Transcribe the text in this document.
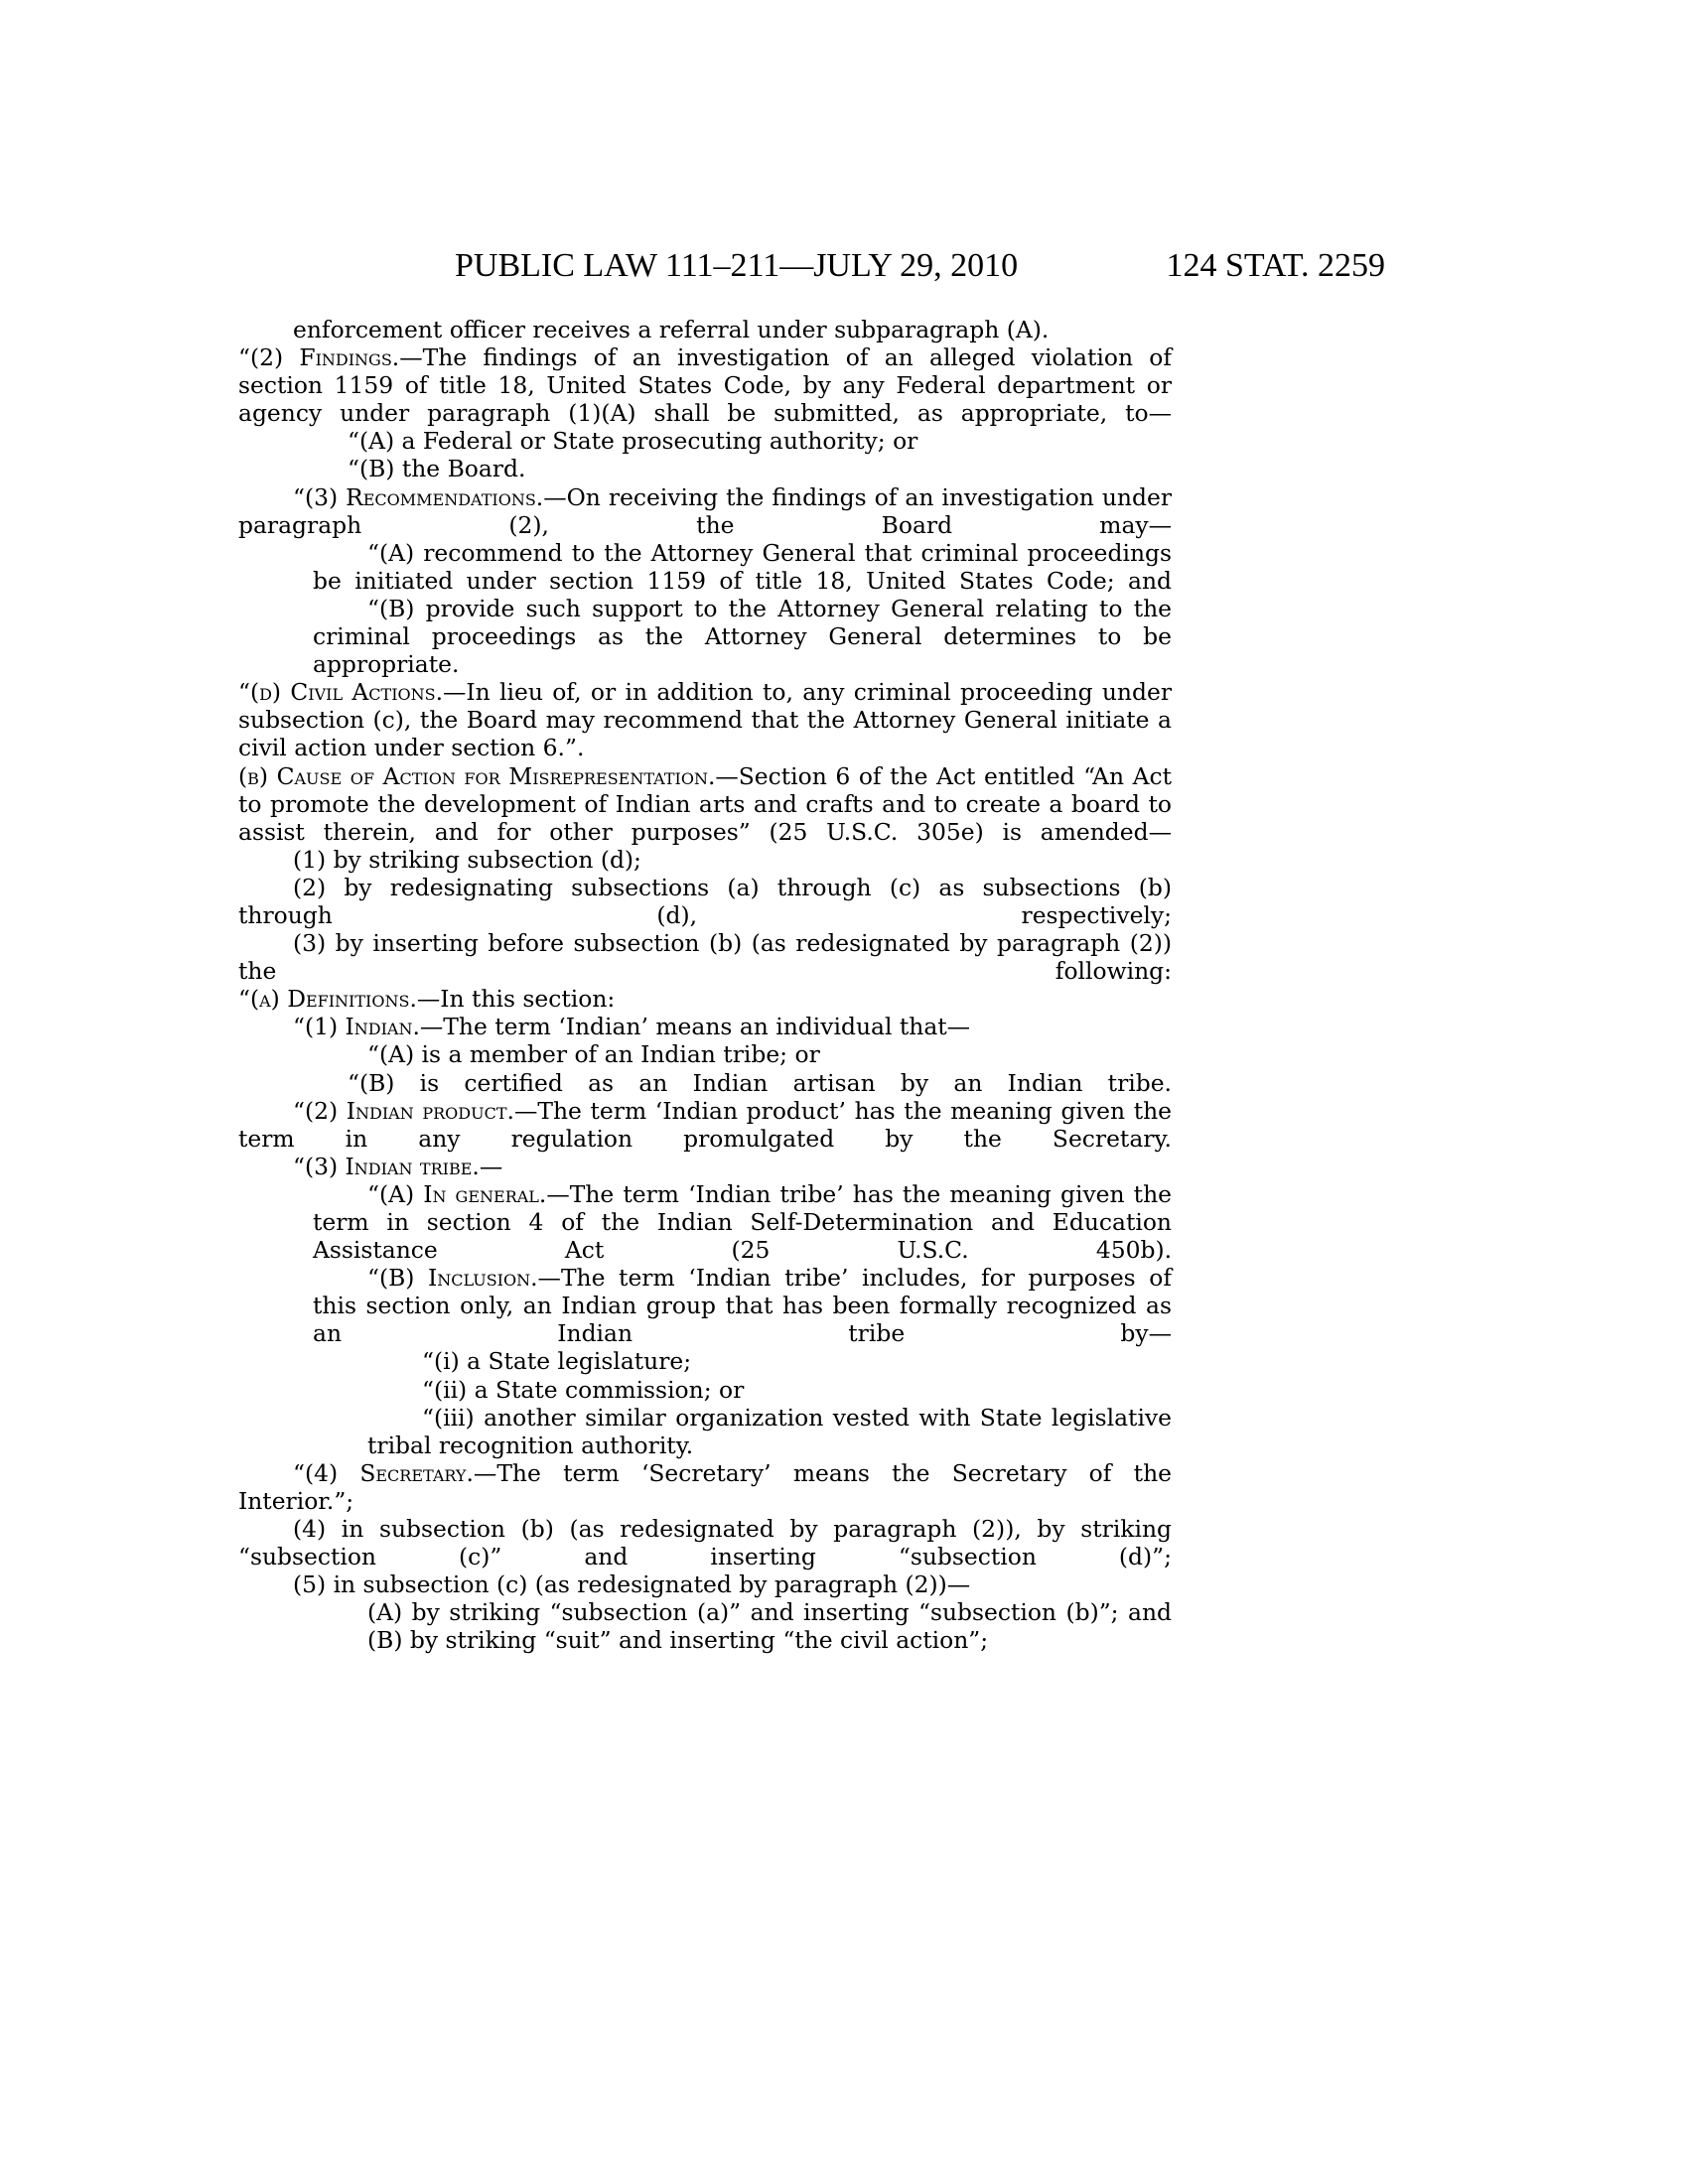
PUBLIC LAW 111–211—JULY 29, 2010	124 STAT. 2259
enforcement officer receives a referral under subparagraph (A).
“(2) Findings.—The findings of an investigation of an alleged violation of section 1159 of title 18, United States Code, by any Federal department or agency under paragraph (1)(A) shall be submitted, as appropriate, to—
“(A) a Federal or State prosecuting authority; or
“(B) the Board.
“(3) Recommendations.—On receiving the findings of an investigation under paragraph (2), the Board may—
“(A) recommend to the Attorney General that criminal proceedings be initiated under section 1159 of title 18, United States Code; and
“(B) provide such support to the Attorney General relating to the criminal proceedings as the Attorney General determines to be appropriate.
“(d) Civil Actions.—In lieu of, or in addition to, any criminal proceeding under subsection (c), the Board may recommend that the Attorney General initiate a civil action under section 6.”.
(b) Cause of Action for Misrepresentation.—Section 6 of the Act entitled “An Act to promote the development of Indian arts and crafts and to create a board to assist therein, and for other purposes” (25 U.S.C. 305e) is amended—
(1) by striking subsection (d);
(2) by redesignating subsections (a) through (c) as subsections (b) through (d), respectively;
(3) by inserting before subsection (b) (as redesignated by paragraph (2)) the following:
“(a) Definitions.—In this section:
“(1) Indian.—The term ‘Indian’ means an individual that—
“(A) is a member of an Indian tribe; or
“(B) is certified as an Indian artisan by an Indian tribe.
“(2) Indian product.—The term ‘Indian product’ has the meaning given the term in any regulation promulgated by the Secretary.
“(3) Indian tribe.—
“(A) In general.—The term ‘Indian tribe’ has the meaning given the term in section 4 of the Indian Self-Determination and Education Assistance Act (25 U.S.C. 450b).
“(B) Inclusion.—The term ‘Indian tribe’ includes, for purposes of this section only, an Indian group that has been formally recognized as an Indian tribe by—
“(i) a State legislature;
“(ii) a State commission; or
“(iii) another similar organization vested with State legislative tribal recognition authority.
“(4) Secretary.—The term ‘Secretary’ means the Secretary of the Interior.”;
(4) in subsection (b) (as redesignated by paragraph (2)), by striking “subsection (c)” and inserting “subsection (d)”;
(5) in subsection (c) (as redesignated by paragraph (2))—
(A) by striking “subsection (a)” and inserting “subsection (b)”; and
(B) by striking “suit” and inserting “the civil action”;
